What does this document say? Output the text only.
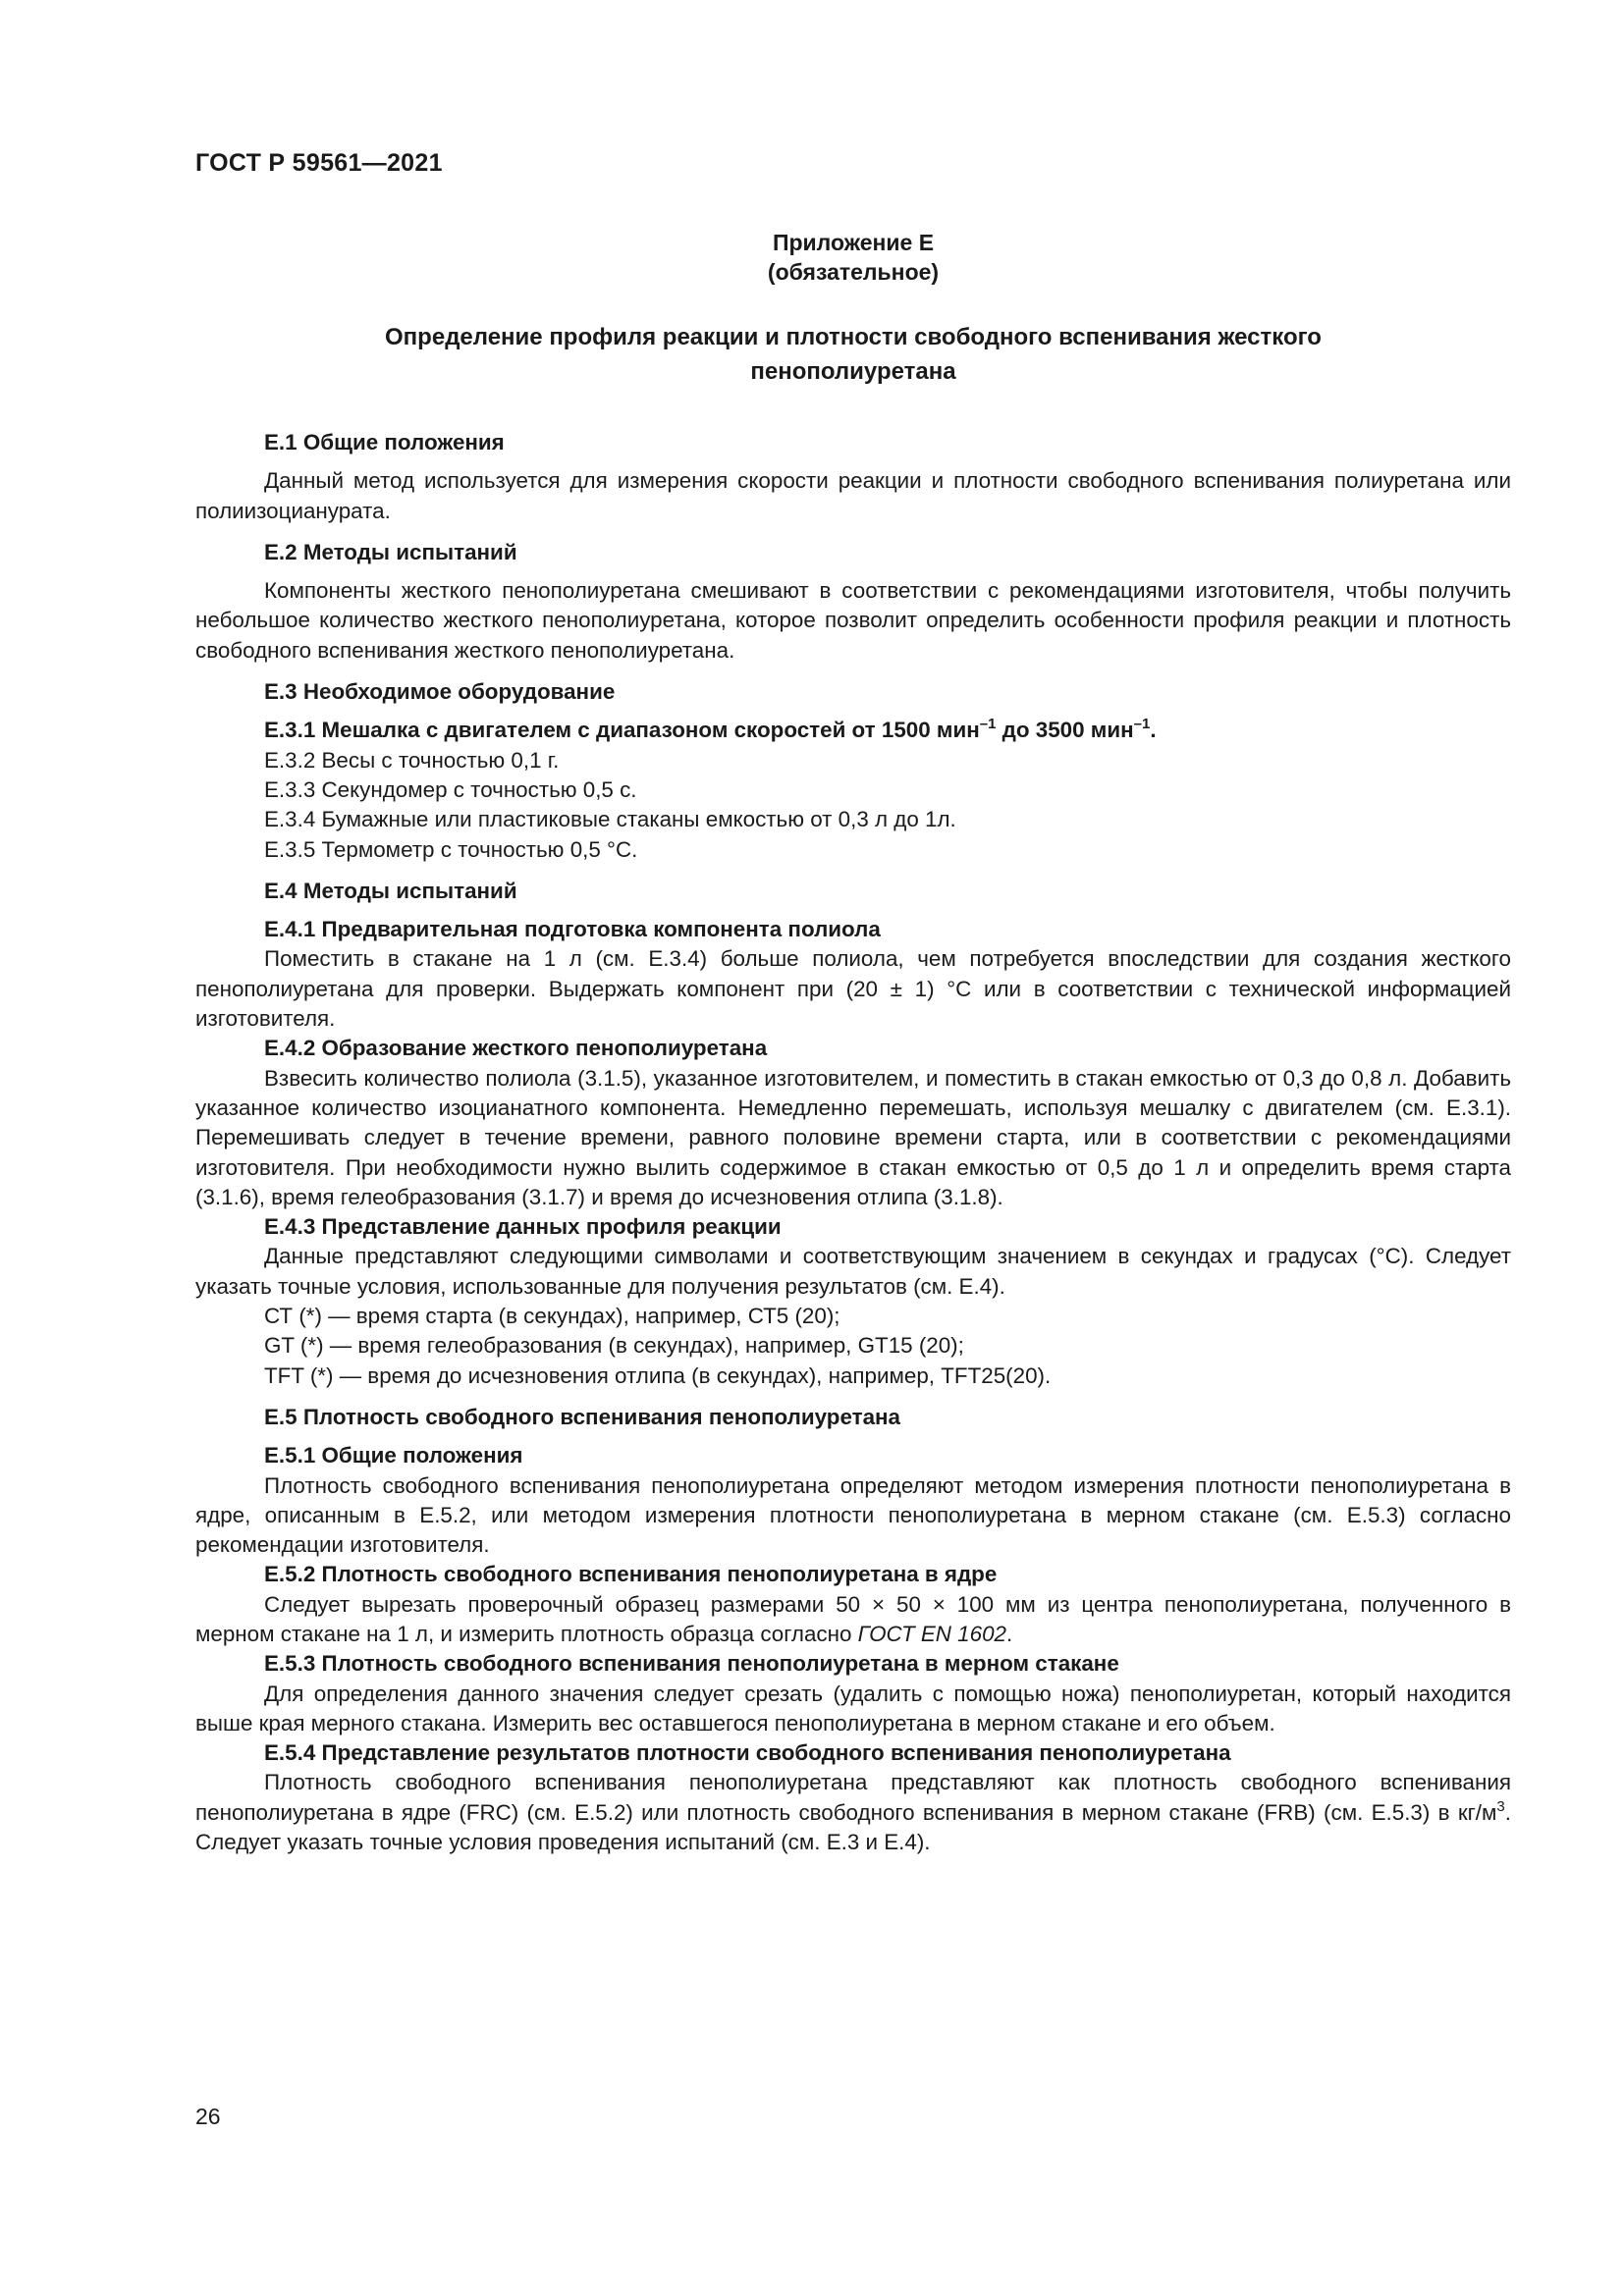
ГОСТ Р 59561—2021
Приложение Е
(обязательное)
Определение профиля реакции и плотности свободного вспенивания жесткого
пенополиуретана

Е.1 Общие положения

Данный метод используется для измерения скорости реакции и плотности свободного вспенивания полиуретана или полиизоцианурата.

Е.2 Методы испытаний

Компоненты жесткого пенополиуретана смешивают в соответствии с рекомендациями изготовителя, чтобы получить небольшое количество жесткого пенополиуретана, которое позволит определить особенности профиля реакции и плотность свободного вспенивания жесткого пенополиуретана.

Е.3 Необходимое оборудование

Е.3.1 Мешалка с двигателем с диапазоном скоростей от 1500 мин$^{-1}$ до 3500 мин$^{-1}$.

Е.3.2 Весы с точностью 0,1 г.

Е.3.3 Секундомер с точностью 0,5 с.

Е.3.4 Бумажные или пластиковые стаканы емкостью от 0,3 л до 1л.

Е.3.5 Термометр с точностью 0,5 °С.

Е.4 Методы испытаний

Е.4.1 Предварительная подготовка компонента полиола

Поместить в стакане на 1 л (см. Е.3.4) больше полиола, чем потребуется впоследствии для создания жесткого пенополиуретана для проверки. Выдержать компонент при (20 ± 1) °С или в соответствии с технической информацией изготовителя.

Е.4.2 Образование жесткого пенополиуретана

Взвесить количество полиола (3.1.5), указанное изготовителем, и поместить в стакан емкостью от 0,3 до 0,8 л. Добавить указанное количество изоцианатного компонента. Немедленно перемешать, используя мешалку с двигателем (см. Е.3.1). Перемешивать следует в течение времени, равного половине времени старта, или в соответствии с рекомендациями изготовителя. При необходимости нужно вылить содержимое в стакан емкостью от 0,5 до 1 л и определить время старта (3.1.6), время гелеобразования (3.1.7) и время до исчезновения отлипа (3.1.8).

Е.4.3 Представление данных профиля реакции

Данные представляют следующими символами и соответствующим значением в секундах и градусах (°С). Следует указать точные условия, использованные для получения результатов (см. Е.4).

СТ (*) — время старта (в секундах), например, СТ5 (20);

GT (*) — время гелеобразования (в секундах), например, GT15 (20);

TFT (*) — время до исчезновения отлипа (в секундах), например, TFT25(20).

Е.5 Плотность свободного вспенивания пенополиуретана

Е.5.1 Общие положения

Плотность свободного вспенивания пенополиуретана определяют методом измерения плотности пенополиуретана в ядре, описанным в Е.5.2, или методом измерения плотности пенополиуретана в мерном стакане (см. Е.5.3) согласно рекомендации изготовителя.

Е.5.2 Плотность свободного вспенивания пенополиуретана в ядре

Следует вырезать проверочный образец размерами 50 × 50 × 100 мм из центра пенополиуретана, полученного в мерном стакане на 1 л, и измерить плотность образца согласно ГОСТ EN 1602.

Е.5.3 Плотность свободного вспенивания пенополиуретана в мерном стакане

Для определения данного значения следует срезать (удалить с помощью ножа) пенополиуретан, который находится выше края мерного стакана. Измерить вес оставшегося пенополиуретана в мерном стакане и его объем.

Е.5.4 Представление результатов плотности свободного вспенивания пенополиуретана

Плотность свободного вспенивания пенополиуретана представляют как плотность свободного вспенивания пенополиуретана в ядре (FRC) (см. Е.5.2) или плотность свободного вспенивания в мерном стакане (FRB) (см. Е.5.3) в $кг/м^3$. Следует указать точные условия проведения испытаний (см. Е.3 и Е.4).

26
